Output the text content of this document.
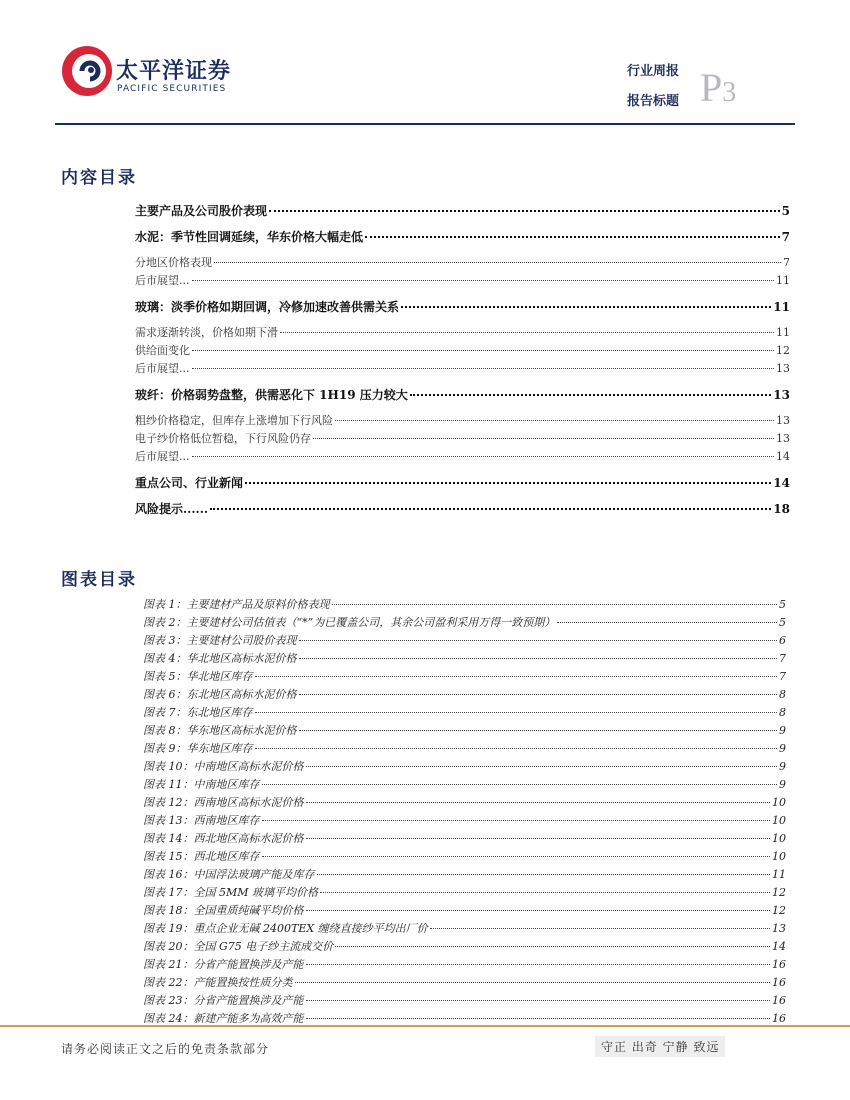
太平洋证券
PACIFIC SECURITIES
行业周报
报告标题 P3
内容目录
主要产品及公司股价表现	5
水泥：季节性回调延续，华东价格大幅走低	7
分地区价格表现	7
后市展望...	11
玻璃：淡季价格如期回调，冷修加速改善供需关系	11
需求逐渐转淡，价格如期下滑	11
供给面变化	12
后市展望...	13
玻纤：价格弱势盘整，供需恶化下 1H19 压力较大	13
粗纱价格稳定，但库存上涨增加下行风险	13
电子纱价格低位暂稳，下行风险仍存	13
后市展望...	14
重点公司、行业新闻	14
风险提示......	18
图表目录
图表 1：主要建材产品及原料价格表现	5
图表 2：主要建材公司估值表（“*”为已覆盖公司，其余公司盈利采用万得一致预期）	5
图表 3：主要建材公司股价表现	6
图表 4：华北地区高标水泥价格	7
图表 5：华北地区库存	7
图表 6：东北地区高标水泥价格	8
图表 7：东北地区库存	8
图表 8：华东地区高标水泥价格	9
图表 9：华东地区库存	9
图表 10：中南地区高标水泥价格	9
图表 11：中南地区库存	9
图表 12：西南地区高标水泥价格	10
图表 13：西南地区库存	10
图表 14：西北地区高标水泥价格	10
图表 15：西北地区库存	10
图表 16：中国浮法玻璃产能及库存	11
图表 17：全国 5MM 玻璃平均价格	12
图表 18：全国重质纯碱平均价格	12
图表 19：重点企业无碱 2400TEX 缠绕直接纱平均出厂价	13
图表 20：全国 G75 电子纱主流成交价	14
图表 21：分省产能置换涉及产能	16
图表 22：产能置换按性质分类	16
图表 23：分省产能置换涉及产能	16
图表 24：新建产能多为高效产能	16
请务必阅读正文之后的免责条款部分	守正 出奇 宁静 致远
